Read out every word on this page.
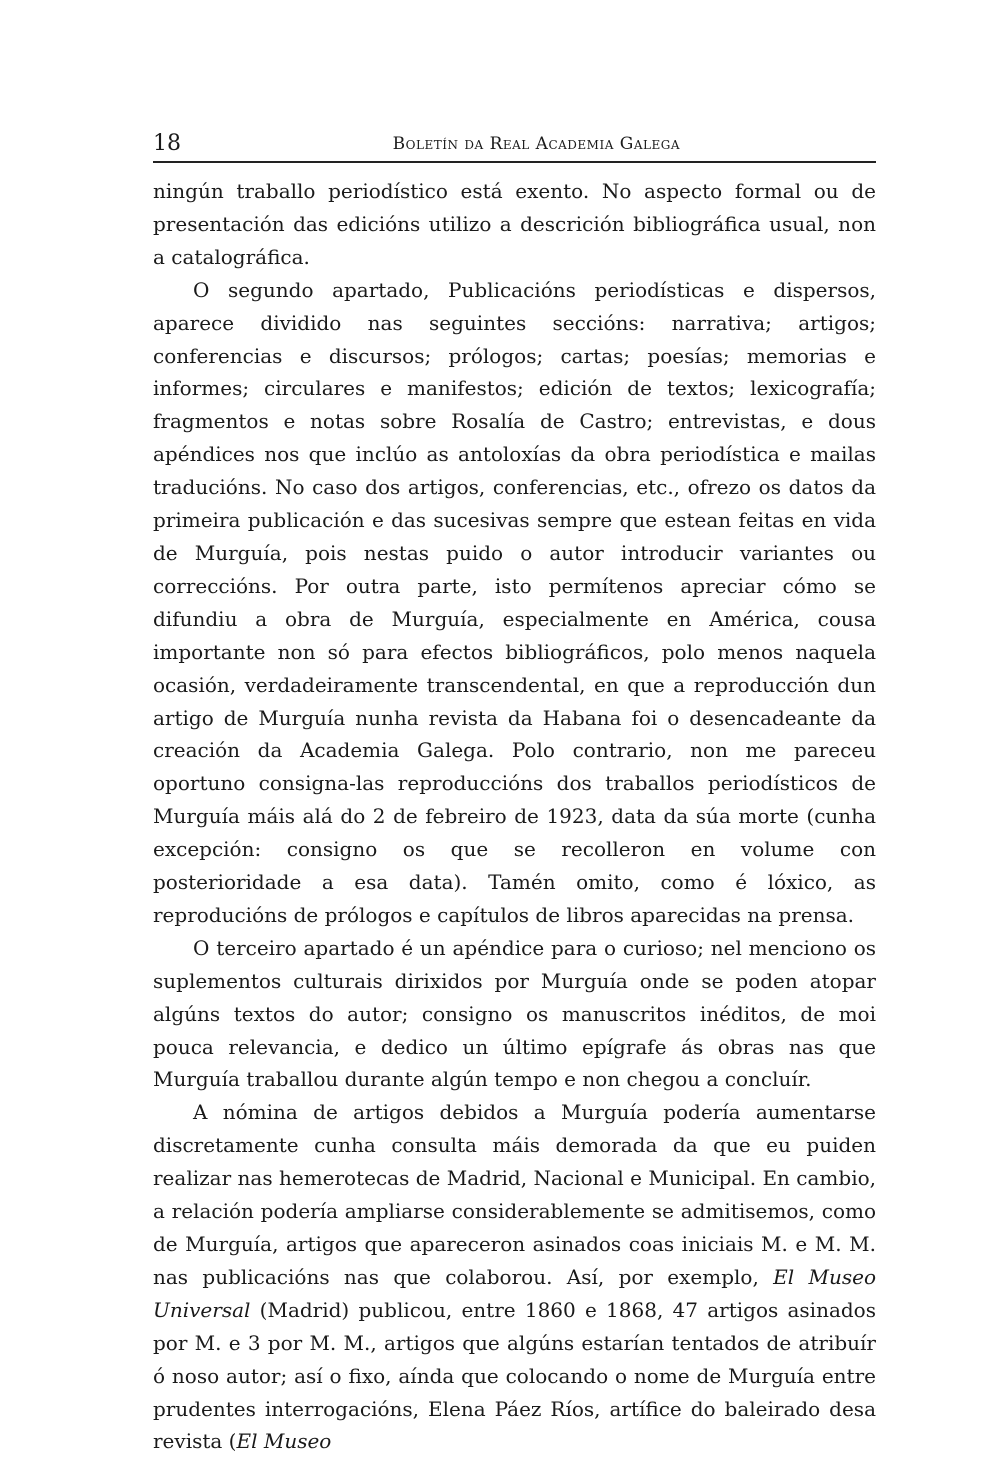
18	Boletín da Real Academia Galega

ningún traballo periodístico está exento. No aspecto formal ou de presentación das edicións utilizo a descrición bibliográfica usual, non a catalográfica.

O segundo apartado, Publicacións periodísticas e dispersos, aparece dividido nas seguintes seccións: narrativa; artigos; conferencias e discursos; prólogos; cartas; poesías; memorias e informes; circulares e manifestos; edición de textos; lexicografía; fragmentos e notas sobre Rosalía de Castro; entrevistas, e dous apéndices nos que inclúo as antoloxías da obra periodística e mailas traducións. No caso dos artigos, conferencias, etc., ofrezo os datos da primeira publicación e das sucesivas sempre que estean feitas en vida de Murguía, pois nestas puido o autor introducir variantes ou correccións. Por outra parte, isto permítenos apreciar cómo se difundiu a obra de Murguía, especialmente en América, cousa importante non só para efectos bibliográficos, polo menos naquela ocasión, verdadeiramente transcendental, en que a reproducción dun artigo de Murguía nunha revista da Habana foi o desencadeante da creación da Academia Galega. Polo contrario, non me pareceu oportuno consigna-las reproduccións dos traballos periodísticos de Murguía máis alá do 2 de febreiro de 1923, data da súa morte (cunha excepción: consigno os que se recolleron en volume con posterioridade a esa data). Tamén omito, como é lóxico, as reproducións de prólogos e capítulos de libros aparecidas na prensa.

O terceiro apartado é un apéndice para o curioso; nel menciono os suplementos culturais dirixidos por Murguía onde se poden atopar algúns textos do autor; consigno os manuscritos inéditos, de moi pouca relevancia, e dedico un último epígrafe ás obras nas que Murguía traballou durante algún tempo e non chegou a concluír.

A nómina de artigos debidos a Murguía podería aumentarse discretamente cunha consulta máis demorada da que eu puiden realizar nas hemerotecas de Madrid, Nacional e Municipal. En cambio, a relación podería ampliarse considerablemente se admitisemos, como de Murguía, artigos que apareceron asinados coas iniciais M. e M. M. nas publicacións nas que colaborou. Así, por exemplo, El Museo Universal (Madrid) publicou, entre 1860 e 1868, 47 artigos asinados por M. e 3 por M. M., artigos que algúns estarían tentados de atribuír ó noso autor; así o fixo, aínda que colocando o nome de Murguía entre prudentes interrogacións, Elena Páez Ríos, artífice do baleirado desa revista (El Museo
